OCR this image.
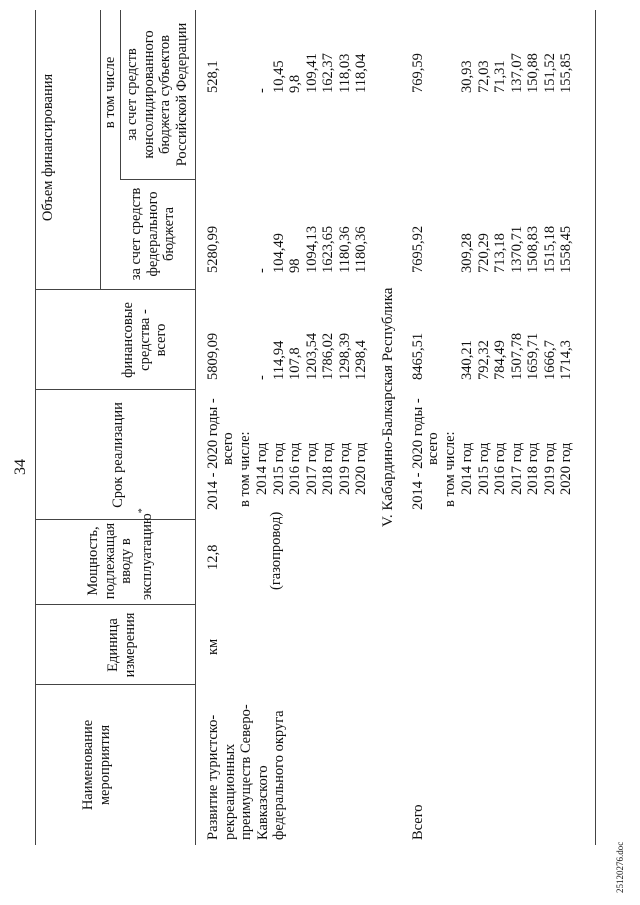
34
Наименование мероприятия
Единица измерения
Мощность, подлежащая вводу в эксплуатацию*
Срок реализации
Объем финансирования
финансовые средства - всего
в том числе
за счет средств федерального бюджета
за счет средств консолидированного бюджета субъектов Российской Федерации
Развитие туристско-рекреационных преимуществ Северо-Кавказского федерального округа
км
12,8	(газопровод)
2014 - 2020 годы - всего в том числе:
5809,09
5280,99
528,1
2014 год
-
-
-
2015 год
114,94
104,49
10,45
2016 год
107,8
98
9,8
2017 год
1203,54
1094,13
109,41
2018 год
1786,02
1623,65
162,37
2019 год
1298,39
1180,36
118,03
2020 год
1298,4
1180,36
118,04
V. Кабардино-Балкарская Республика
Всего
2014 - 2020 годы - всего в том числе:
8465,51
7695,92
769,59
2014 год
340,21
309,28
30,93
2015 год
792,32
720,29
72,03
2016 год
784,49
713,18
71,31
2017 год
1507,78
1370,71
137,07
2018 год
1659,71
1508,83
150,88
2019 год
1666,7
1515,18
151,52
2020 год
1714,3
1558,45
155,85
25120276.doc
